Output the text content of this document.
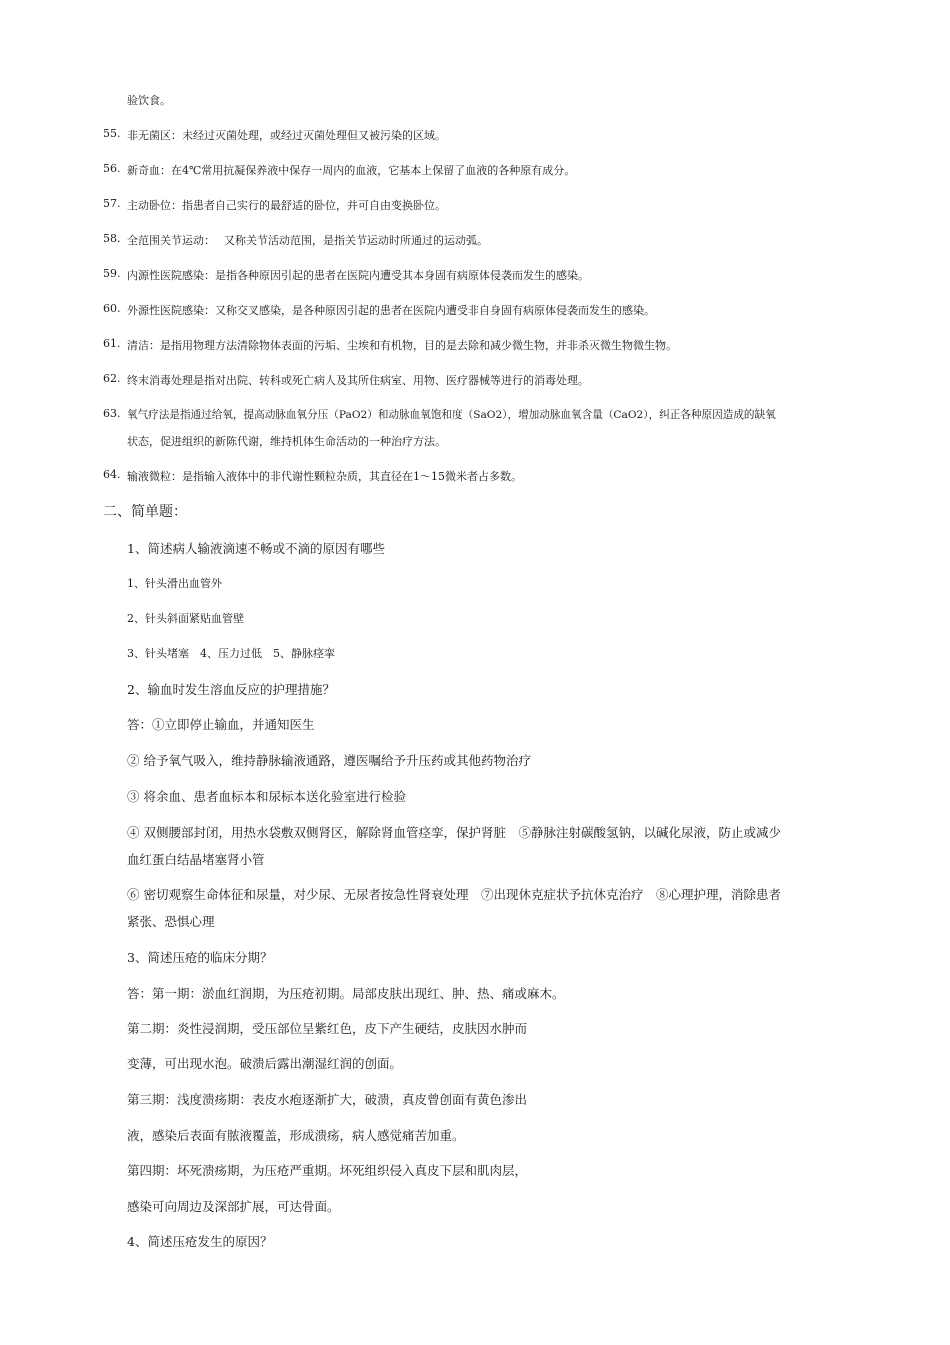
验饮食。
55. 非无菌区：未经过灭菌处理，或经过灭菌处理但又被污染的区域。
56. 新奇血：在4℃常用抗凝保养液中保存一周内的血液，它基本上保留了血液的各种原有成分。
57. 主动卧位：指患者自己实行的最舒适的卧位，并可自由变换卧位。
58. 全范围关节运动：　 又称关节活动范围，是指关节运动时所通过的运动弧。
59. 内源性医院感染：是指各种原因引起的患者在医院内遭受其本身固有病原体侵袭而发生的感染。
60. 外源性医院感染：又称交叉感染，是各种原因引起的患者在医院内遭受非自身固有病原体侵袭而发生的感染。
61. 清洁：是指用物理方法清除物体表面的污垢、尘埃和有机物，目的是去除和减少微生物，并非杀灭微生物微生物。
62. 终末消毒处理是指对出院、转科或死亡病人及其所住病室、用物、医疗器械等进行的消毒处理。
63. 氧气疗法是指通过给氧，提高动脉血氧分压（PaO2）和动脉血氧饱和度（SaO2），增加动脉血氧含量（CaO2），纠正各种原因造成的缺氧
状态，促进组织的新陈代谢，维持机体生命活动的一种治疗方法。
64. 输液微粒：是指输入液体中的非代谢性颗粒杂质，其直径在1～15微米者占多数。
二、简单题：
1、简述病人输液滴速不畅或不滴的原因有哪些
1、针头滑出血管外
2、针头斜面紧贴血管壁
3、针头堵塞　4、压力过低　5、静脉痉挛
2、输血时发生溶血反应的护理措施？
答：①立即停止输血，并通知医生
② 给予氧气吸入，维持静脉输液通路，遵医嘱给予升压药或其他药物治疗
③ 将余血、患者血标本和尿标本送化验室进行检验
④ 双侧腰部封闭，用热水袋敷双侧肾区，解除肾血管痉挛，保护肾脏　⑤静脉注射碳酸氢钠，以碱化尿液，防止或减少
血红蛋白结晶堵塞肾小管
⑥ 密切观察生命体征和尿量，对少尿、无尿者按急性肾衰处理　⑦出现休克症状予抗休克治疗　⑧心理护理，消除患者
紧张、恐惧心理
3、简述压疮的临床分期？
答：第一期：淤血红润期，为压疮初期。局部皮肤出现红、肿、热、痛或麻木。
第二期：炎性浸润期，受压部位呈紫红色，皮下产生硬结，皮肤因水肿而
变薄，可出现水泡。破溃后露出潮湿红润的创面。
第三期：浅度溃疡期：表皮水疱逐渐扩大，破溃，真皮曾创面有黄色渗出
液，感染后表面有脓液覆盖，形成溃疡，病人感觉痛苦加重。
第四期：坏死溃疡期，为压疮严重期。坏死组织侵入真皮下层和肌肉层，
感染可向周边及深部扩展，可达骨面。
4、简述压疮发生的原因？
